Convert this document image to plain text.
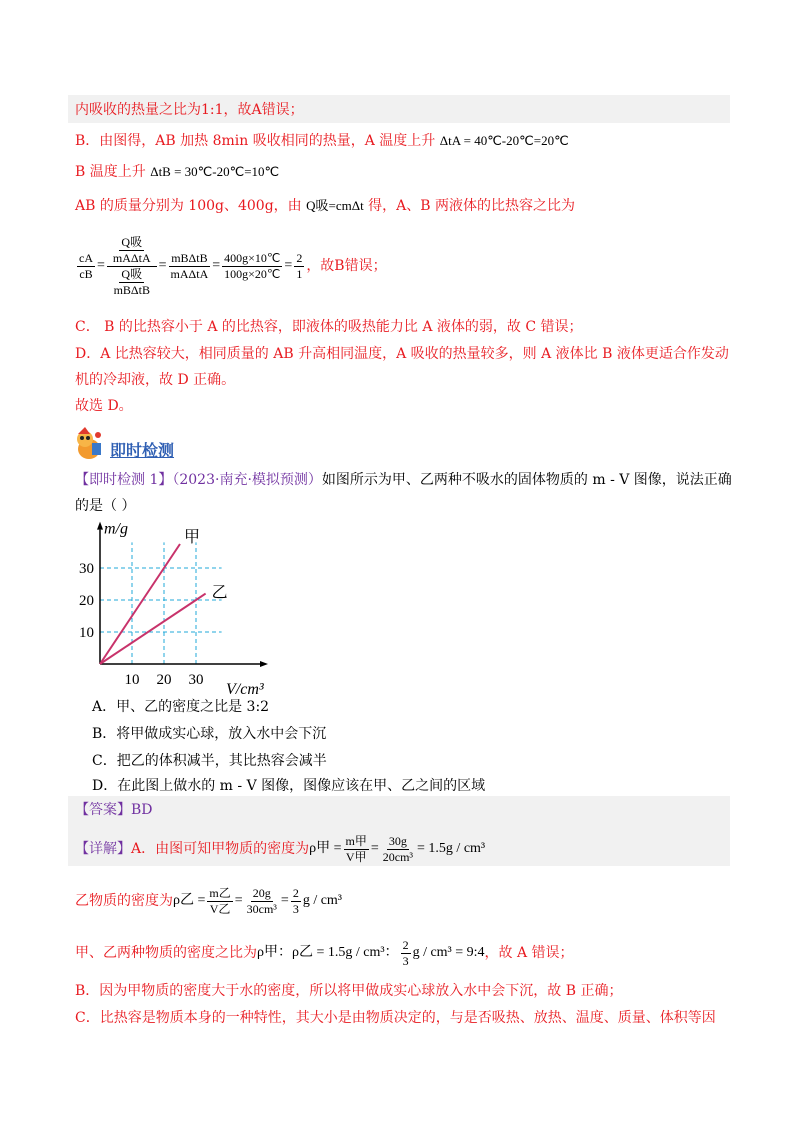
内吸收的热量之比为1:1，故A错误；
B．由图得，AB 加热 8min 吸收相同的热量，A 温度上升 ΔtA = 40℃-20℃=20℃
B 温度上升 ΔtB = 30℃-20℃=10℃
AB 的质量分别为 100g、400g，由 Q吸=cmΔt 得，A、B 两液体的比热容之比为
$\frac{cA}{cB} = \frac{\frac{\text{Q吸}}{\text{mAΔtA}}}{\frac{\text{Q吸}}{\text{mBΔtB}}} = \frac{\text{mBΔtB}}{\text{mAΔtA}} = \frac{400g\times 10℃}{100g\times 20℃} = \frac{2}{1}$ ，故B错误；
C． B 的比热容小于 A 的比热容，即液体的吸热能力比 A 液体的弱，故 C 错误；
D．A 比热容较大，相同质量的 AB 升高相同温度，A 吸收的热量较多，则 A 液体比 B 液体更适合作发动
机的冷却液，故 D 正确。
故选 D。
即时检测
【即时检测 1】（2023·南充·模拟预测）如图所示为甲、乙两种不吸水的固体物质的 m - V 图像，说法正确
的是（ ）
m/g
V/cm³
10 20 30
10
20
30
甲
乙
A．甲、乙的密度之比是 3:2
B．将甲做成实心球，放入水中会下沉
C．把乙的体积减半，其比热容会减半
D．在此图上做水的 m - V 图像，图像应该在甲、乙之间的区域
【答案】BD
【详解】 A．由图可知甲物质的密度为 ρ甲 = $\frac{\text{m甲}}{\text{V甲}} = \frac{30g}{\text{20cm³}} = 1.5g / cm^3$
乙物质的密度为 ρ乙 = $\frac{\text{m乙}}{\text{V乙}} = \frac{20g}{\text{30cm³}} = \frac{2}{3}$ g / cm³
甲、乙两种物质的密度之比为 ρ甲：ρ乙 = 1.5g / cm³： $\frac{2}{3}$ g / cm³ = 9:4 ，故 A 错误；
B．因为甲物质的密度大于水的密度，所以将甲做成实心球放入水中会下沉，故 B 正确；
C．比热容是物质本身的一种特性，其大小是由物质决定的，与是否吸热、放热、温度、质量、体积等因
